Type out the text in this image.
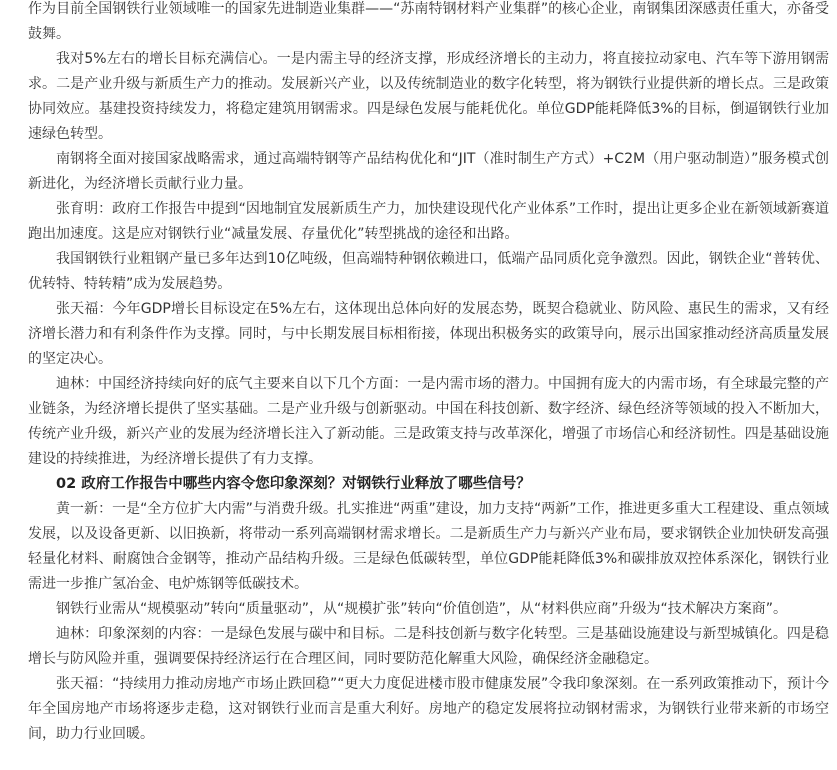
作为目前全国钢铁行业领域唯一的国家先进制造业集群——“苏南特钢材料产业集群”的核心企业，南钢集团深感责任重大，亦备受鼓舞。

我对5%左右的增长目标充满信心。一是内需主导的经济支撑，形成经济增长的主动力，将直接拉动家电、汽车等下游用钢需求。二是产业升级与新质生产力的推动。发展新兴产业，以及传统制造业的数字化转型，将为钢铁行业提供新的增长点。三是政策协同效应。基建投资持续发力，将稳定建筑用钢需求。四是绿色发展与能耗优化。单位GDP能耗降低3%的目标，倒逼钢铁行业加速绿色转型。

南钢将全面对接国家战略需求，通过高端特钢等产品结构优化和“JIT（准时制生产方式）+C2M（用户驱动制造）”服务模式创新进化，为经济增长贡献行业力量。

张育明：政府工作报告中提到“因地制宜发展新质生产力，加快建设现代化产业体系”工作时，提出让更多企业在新领域新赛道跑出加速度。这是应对钢铁行业“减量发展、存量优化”转型挑战的途径和出路。

我国钢铁行业粗钢产量已多年达到10亿吨级，但高端特种钢依赖进口，低端产品同质化竞争激烈。因此，钢铁企业“普转优、优转特、特转精”成为发展趋势。

张天福：今年GDP增长目标设定在5%左右，这体现出总体向好的发展态势，既契合稳就业、防风险、惠民生的需求，又有经济增长潜力和有利条件作为支撑。同时，与中长期发展目标相衔接，体现出积极务实的政策导向，展示出国家推动经济高质量发展的坚定决心。

迪林：中国经济持续向好的底气主要来自以下几个方面：一是内需市场的潜力。中国拥有庞大的内需市场，有全球最完整的产业链条，为经济增长提供了坚实基础。二是产业升级与创新驱动。中国在科技创新、数字经济、绿色经济等领域的投入不断加大，传统产业升级，新兴产业的发展为经济增长注入了新动能。三是政策支持与改革深化，增强了市场信心和经济韧性。四是基础设施建设的持续推进，为经济增长提供了有力支撑。

02 政府工作报告中哪些内容令您印象深刻？对钢铁行业释放了哪些信号？

黄一新：一是“全方位扩大内需”与消费升级。扎实推进“两重”建设，加力支持“两新”工作，推进更多重大工程建设、重点领域发展，以及设备更新、以旧换新，将带动一系列高端钢材需求增长。二是新质生产力与新兴产业布局，要求钢铁企业加快研发高强轻量化材料、耐腐蚀合金钢等，推动产品结构升级。三是绿色低碳转型，单位GDP能耗降低3%和碳排放双控体系深化，钢铁行业需进一步推广氢冶金、电炉炼钢等低碳技术。

钢铁行业需从“规模驱动”转向“质量驱动”，从“规模扩张”转向“价值创造”，从“材料供应商”升级为“技术解决方案商”。

迪林：印象深刻的内容：一是绿色发展与碳中和目标。二是科技创新与数字化转型。三是基础设施建设与新型城镇化。四是稳增长与防风险并重，强调要保持经济运行在合理区间，同时要防范化解重大风险，确保经济金融稳定。

张天福：“持续用力推动房地产市场止跌回稳”“更大力度促进楼市股市健康发展”令我印象深刻。在一系列政策推动下，预计今年全国房地产市场将逐步走稳，这对钢铁行业而言是重大利好。房地产的稳定发展将拉动钢材需求，为钢铁行业带来新的市场空间，助力行业回暖。
